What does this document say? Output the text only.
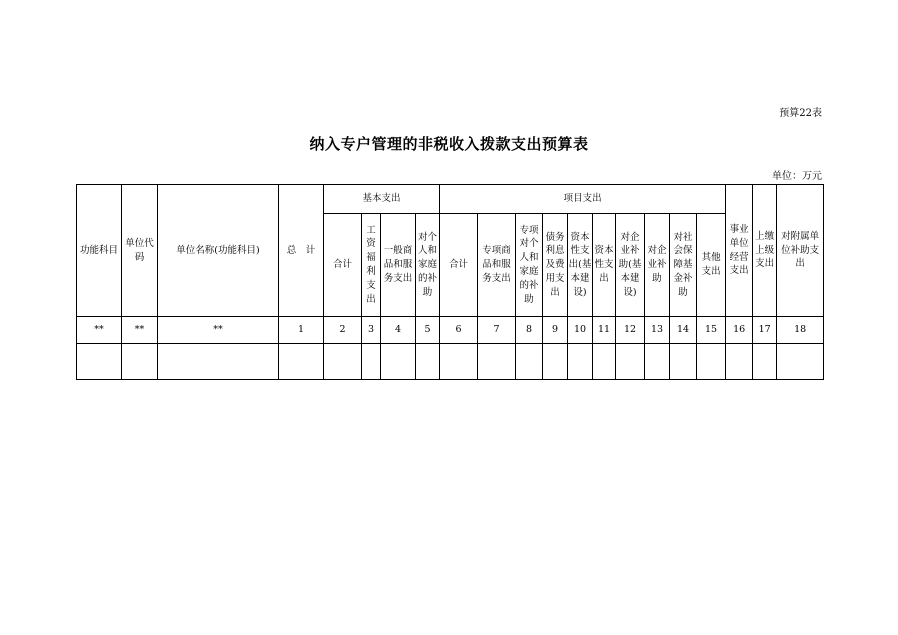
预算22表
纳入专户管理的非税收入拨款支出预算表
单位：万元
功能科目	单位代码	单位名称(功能科目)	总　计	基本支出				项目支出										事业单位经营支出	上缴上级支出	对附属单位补助支出
				合计	工资福利支出	一般商品和服务支出	对个人和家庭的补助	合计	专项商品和服务支出	专项对个人和家庭的补助	债务利息及费用支出	资本性支出(基本建设)	资本性支出	对企业补助(基本建设)	对企业补助	对社会保障基金补助	其他支出			
**	**	**	1	2	3	4	5	6	7	8	9	10	11	12	13	14	15	16	17	18
